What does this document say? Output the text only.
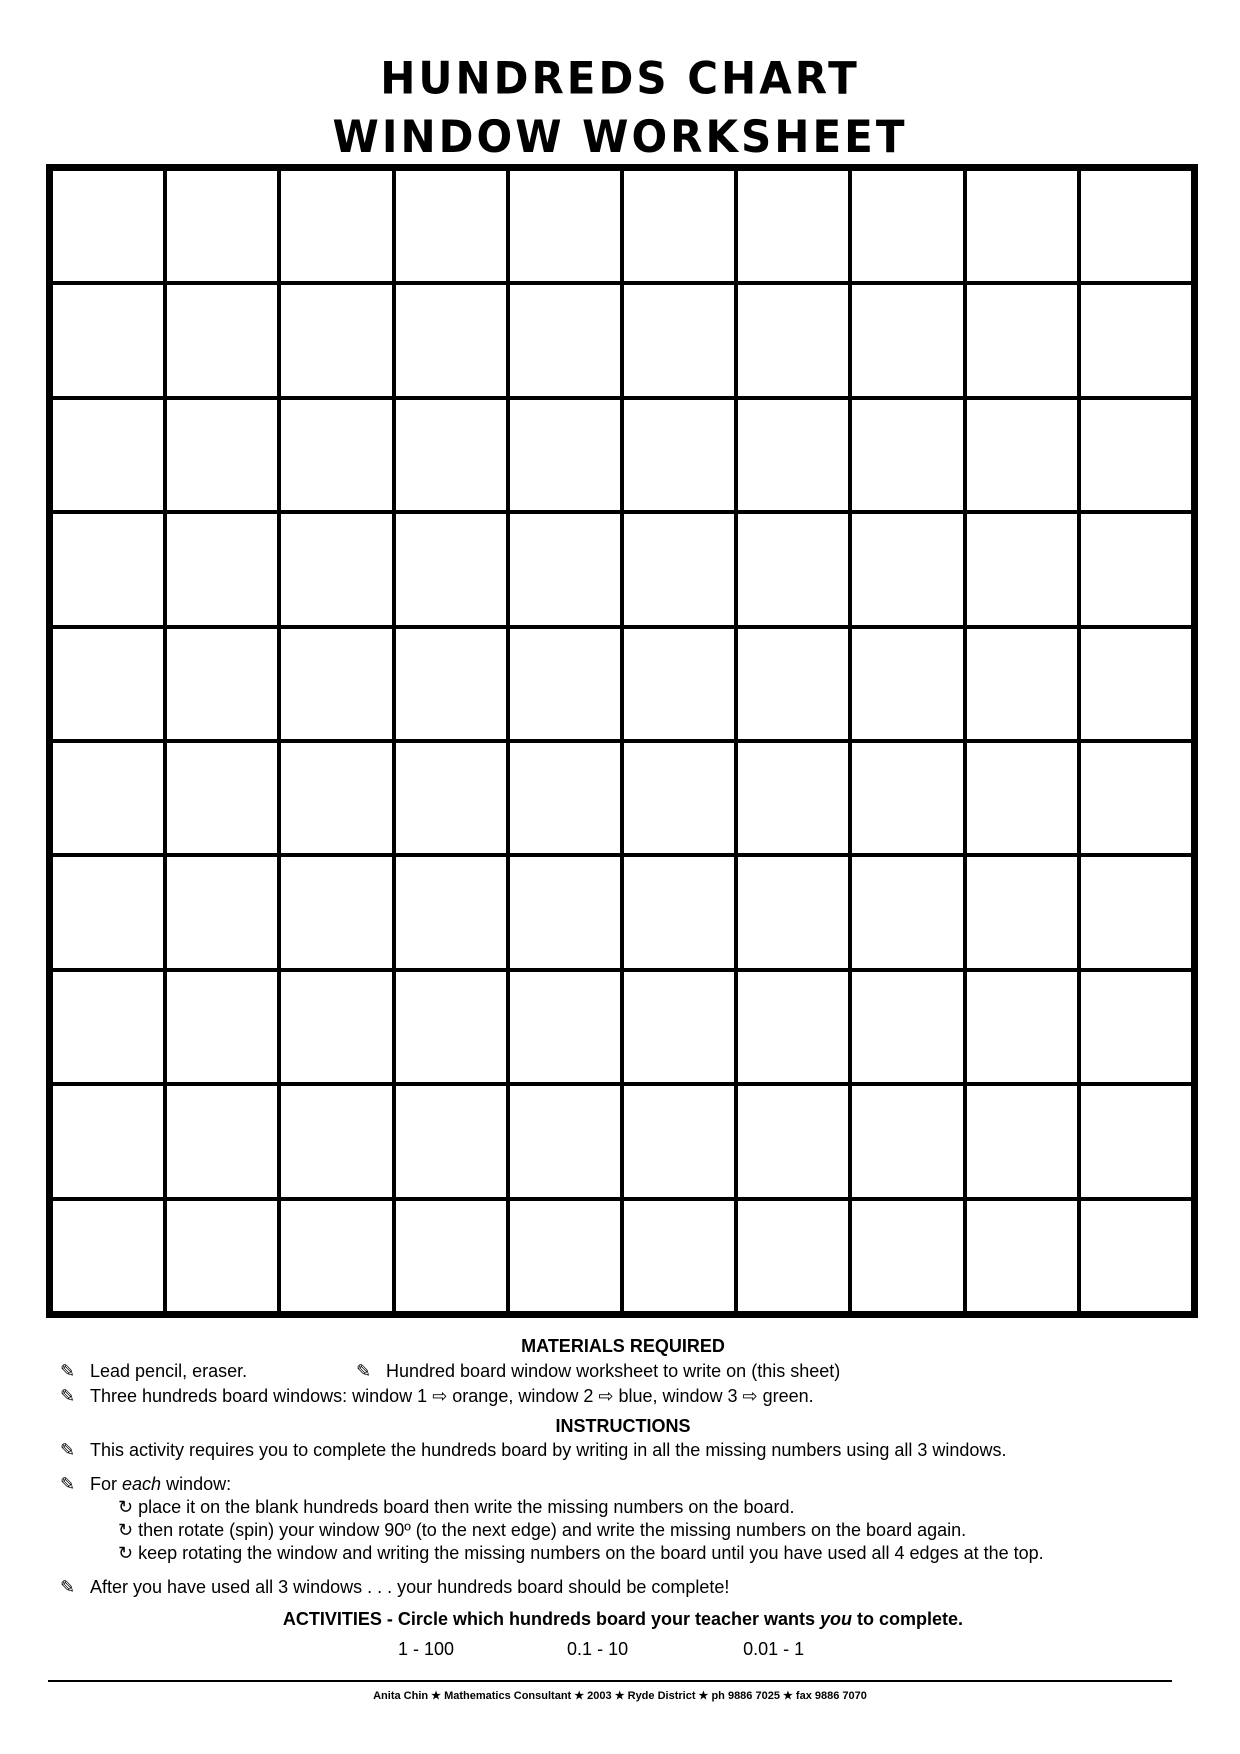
HUNDREDS CHART
WINDOW WORKSHEET
MATERIALS REQUIRED
✎ Lead pencil, eraser.	✎ Hundred board window worksheet to write on (this sheet)
✎ Three hundreds board windows: window 1 ⇨ orange, window 2 ⇨ blue, window 3 ⇨ green.
INSTRUCTIONS
✎ This activity requires you to complete the hundreds board by writing in all the missing numbers using all 3 windows.
✎ For each window:
↻ place it on the blank hundreds board then write the missing numbers on the board.
↻ then rotate (spin) your window 90º (to the next edge) and write the missing numbers on the board again.
↻ keep rotating the window and writing the missing numbers on the board until you have used all 4 edges at the top.
✎ After you have used all 3 windows . . . your hundreds board should be complete!
ACTIVITIES - Circle which hundreds board your teacher wants you to complete.
1 - 100	0.1 - 10	0.01 - 1
Anita Chin ★ Mathematics Consultant ★ 2003 ★ Ryde District ★ ph 9886 7025 ★ fax 9886 7070
